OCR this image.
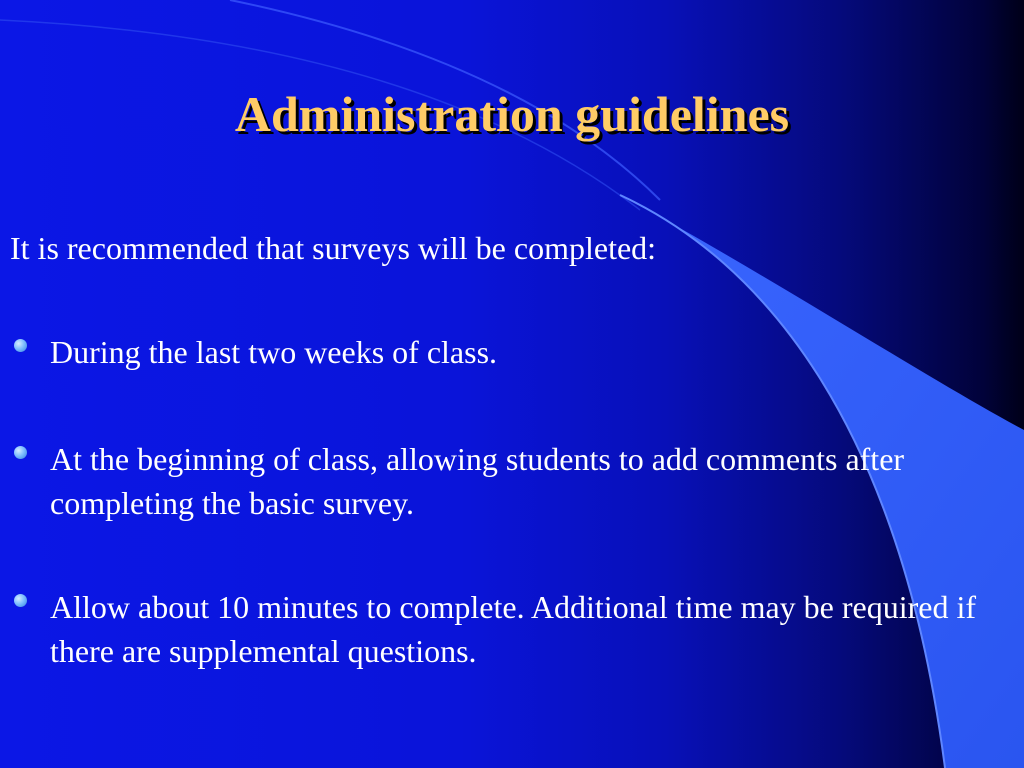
Administration guidelines
It is recommended that surveys will be completed:
During the last two weeks of class.
At the beginning of class, allowing students to add comments after completing the basic survey.
Allow about 10 minutes to complete. Additional time may be required if there are supplemental questions.
